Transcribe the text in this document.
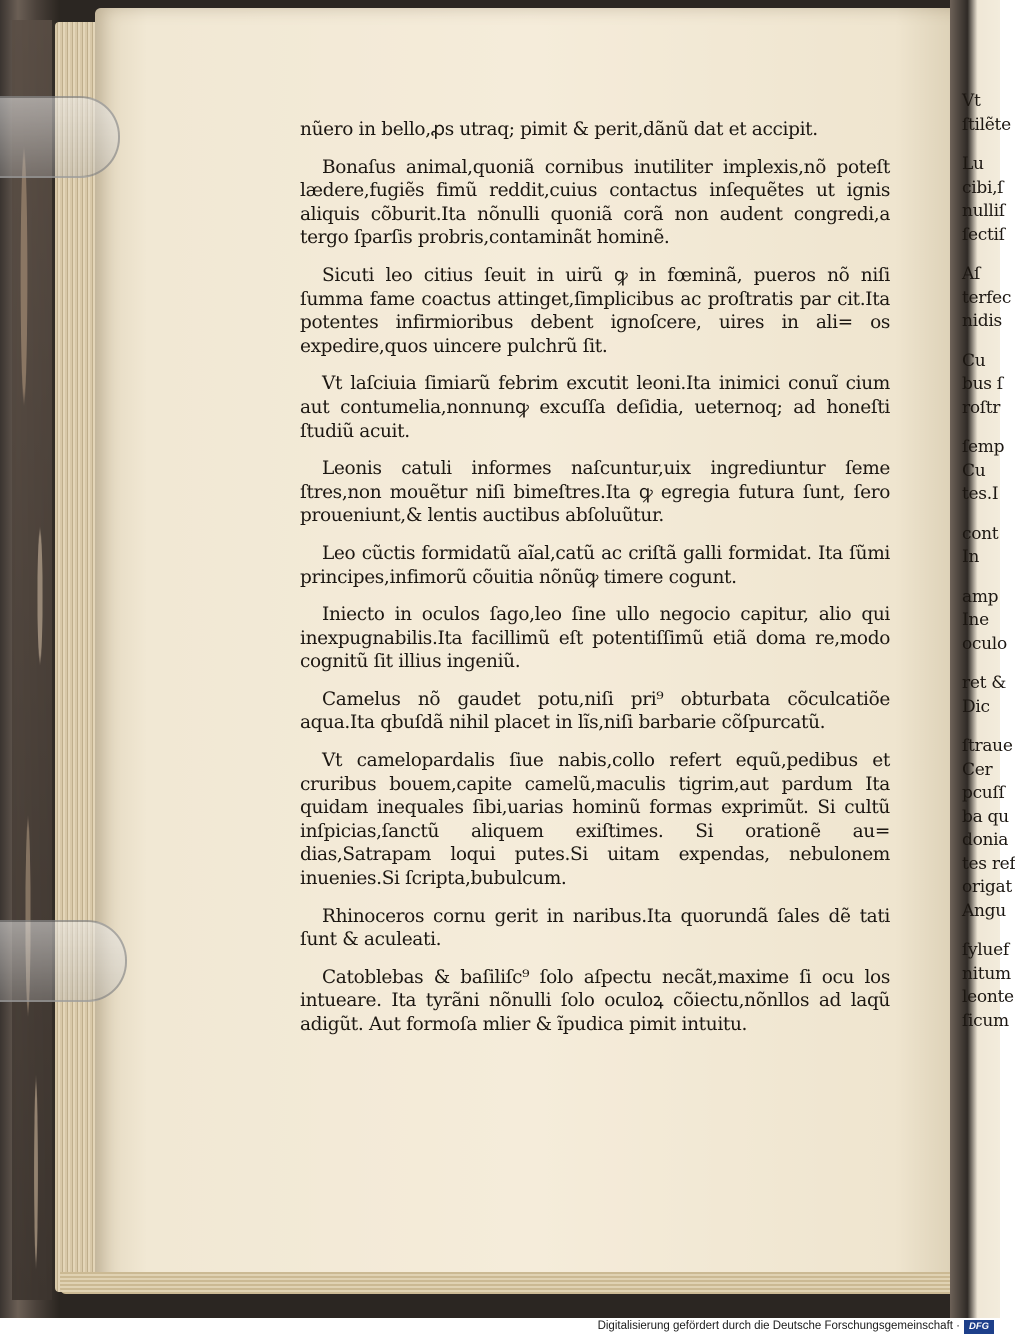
nũero in bello,ꝓs utraq; pimit & perit,dãnũ dat et accipit.

Bonaſus animal,quoniã cornibus inutiliter implexis,nõ poteſt lædere,fugiẽs fimũ reddit,cuius contactus inſequẽtes ut ignis aliquis cõburit.Ita nõnulli quoniã corã non audent congredi,a tergo ſparſis probris,contaminãt hominẽ.

Sicuti leo citius ſeuit in uirũ ꝙ in fœminã, pueros nõ niſi ſumma fame coactus attinget,ſimplicibus ac proſtratis par cit.Ita potentes infirmioribus debent ignoſcere, uires in ali= os expedire,quos uincere pulchrũ ſit.

Vt laſciuia ſimiarũ febrim excutit leoni.Ita inimici conuĩ cium aut contumelia,nonnunꝙ excuſſa deſidia, ueternoq; ad honeſti ſtudiũ acuit.

Leonis catuli informes naſcuntur,uix ingrediuntur ſeme ſtres,non mouẽtur niſi bimeſtres.Ita ꝙ egregia futura ſunt, ſero proueniunt,& lentis auctibus abſoluũtur.

Leo cũctis formidatũ aĩal,catũ ac criſtã galli formidat. Ita ſũmi principes,infimorũ cõuitia nõnũꝙ timere cogunt.

Iniecto in oculos ſago,leo ſine ullo negocio capitur, alio qui inexpugnabilis.Ita facillimũ eſt potentiſſimũ etiã doma re,modo cognitũ ſit illius ingeniũ.

Camelus nõ gaudet potu,niſi pri⁹ obturbata cõculcatiõe aqua.Ita qbuſdã nihil placet in lĩs,niſi barbarie cõſpurcatũ.

Vt camelopardalis ſiue nabis,collo refert equũ,pedibus et cruribus bouem,capite camelũ,maculis tigrim,aut pardum Ita quidam inequales ſibi,uarias hominũ formas exprimũt. Si cultũ inſpicias,ſanctũ aliquem exiſtimes. Si orationẽ au= dias,Satrapam loqui putes.Si uitam expendas, nebulonem inuenies.Si ſcripta,bubulcum.

Rhinoceros cornu gerit in naribus.Ita quorundã ſales dẽ tati ſunt & aculeati.

Catoblebas & baſiliſc⁹ ſolo aſpectu necãt,maxime ſi ocu los intueare. Ita tyrãni nõnulli ſolo oculoꝝ cõiectu,nõnllos ad laqũ adigũt. Aut formoſa mlier & ĩpudica pimit intuitu.

Vt
ſtilẽte
Lu
cibi,ſ
nulliſ
ſectiſ
Aſ
terfec
nidis
Cu
bus ſ
roſtr
ſemp
Cu
tes.I
cont
In
amp
Ine
oculo
ret &
Dic
ſtraue
Cer
pcuſſ
ba qu
donia
tes ref
origat
Angu
ſyluef
nitum
leonte
ſicum
Digitalisierung gefördert durch die Deutsche Forschungsgemeinschaft · DFG
